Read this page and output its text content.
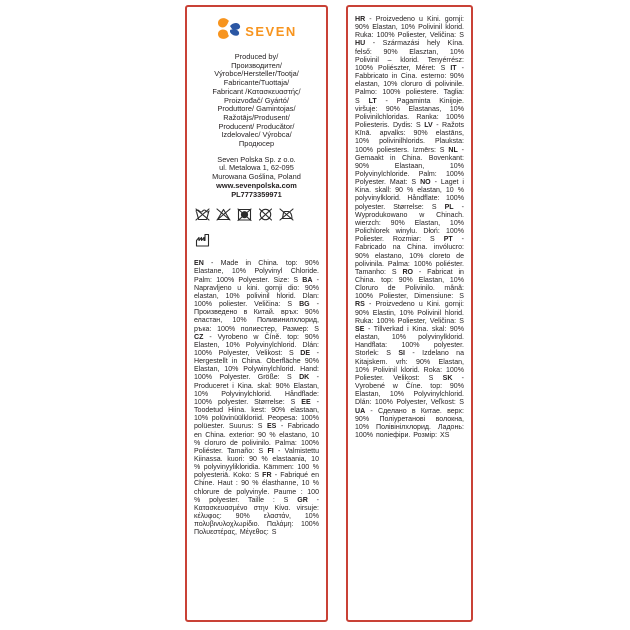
SEVEN
Produced by/
Производител/
Výrobce/Hersteller/Tootja/
Fabricante/Tuottaja/
Fabricant /Κατασκευαστής/
Proizvođač/ Gyártó/
Produttore/ Gamintojas/
Ražotājs/Produsent/
Producent/ Producător/
Izdelovalec/ Výrobca/
Продюсер
Seven Polska Sp. z o.o.
ul. Metalowa 1, 62-095
Murowana Goślina, Poland
www.sevenpolska.com
PL7773359971
EN - Made in China. top: 90% Elastane, 10% Polyvinyl Chloride. Palm: 100% Polyester. Size: S BA - Napravljeno u kini. gornji dio: 90% elastan, 10% polivinil hlorid. Dlan: 100% poliester. Veličina: S BG - Произведено в Китай. връх: 90% еластан, 10% Поливинилхлорид, ръка: 100% полиестер, Размер: S CZ - Vyrobeno w Číně. top: 90% Elasten, 10% Polyvinylchlorid. Dlán: 100% Polyester, Velikost: S DE - Hergestellt in China. Oberfläche 90% Elastan, 10% Polywinylchlorid. Hand: 100% Polyester. Größe: S DK - Produceret i Kina. skal: 90% Elastan, 10% Polyvinylchlorid. Håndflade: 100% polyester. Størrelse: S EE -Toodetud Hiina. kest: 90% elastaan, 10% polüvinüülkloriid. Peopesa: 100% polüester. Suurus: S ES - Fabricado en China. exterior: 90 % elastano, 10 % cloruro de polivinilo. Palma: 100% Poliéster. Tamaño: S FI - Valmistettu Kiinassa. kuori: 90 % elastaania, 10 % polyvinyylikloridia. Kämmen: 100 % polyesteriä. Koko: S FR - Fabriqué en Chine. Haut : 90 % élasthanne, 10 % chlorure de polyvinyle. Paume : 100 % polyester. Taille : S GR - Κατασκευασμένο στην Κίνα. virsuje: κέλυφος: 90% ελαστάν, 10% πολυβινυλοχλωρίδιο. Παλάμη: 100% Πολυεστέρας, Μέγεθος: S
HR - Proizvedeno u Kini. gornji: 90% Elastan, 10% Polivinil klorid. Ruka: 100% Poliester, Veličina: S HU - Származási hely Kína. felső: 90% Elasztan, 10% Polivinil – klorid. Tenyérrész: 100% Poliészter, Méret: S IT - Fabbricato in Cina. esterno: 90% elastan, 10% cloruro di polivinile. Palmo: 100% poliestere. Taglia: S LT - Pagaminta Kinijoje. viršuje: 90% Elastanas, 10% Polivinilchloridas. Ranka: 100% Poliesteris. Dydis: S LV - Ražots Kīnā. apvalks: 90% elastāns, 10% polivinilhlorids. Plauksta: 100% poliesters. Izmērs: S NL - Gemaakt in China. Bovenkant: 90% Elastaan, 10% Polyvinylchloride. Palm: 100% Polyester. Maat: S NO - Laget i Kina. skall: 90 % elastan, 10 % polyvinylklorid. Håndflate: 100% polyester. Størrelse: S PL - Wyprodukowano w Chinach. wierzch: 90% Elastan, 10% Polichlorek winylu. Dłoń: 100% Poliester. Rozmiar: S PT - Fabricado na China. invólucro: 90% elastano, 10% cloreto de polivinila. Palma: 100% poliéster. Tamanho: S RO - Fabricat in China. top: 90% Elastan, 10% Cloruro de Polivinilo. mână: 100% Poliester, Dimensiune: S RS - Proizvedeno u Kini. gornji: 90% Elastin, 10% Polivinil hlorid. Ruka: 100% Poliester, Veličina: S SE - Tillverkad i Kina. skal: 90% elastan, 10% polyvinylklorid. Handflata: 100% polyester. Storlek: S SI - Izdelano na Kitajskem. vrh: 90% Elastan, 10% Polivinil klorid. Roka: 100% Poliester. Velikost: S SK - Vyrobené w Číne. top: 90% Elastan, 10% Polyvinylchlorid. Dlán: 100% Polyester, Veľkost: S UA - Сделано в Китае. верх: 90% Поліуретанові волокна, 10% Полівінілхлорид. Ладонь: 100% поліефіри. Розмір: XS
